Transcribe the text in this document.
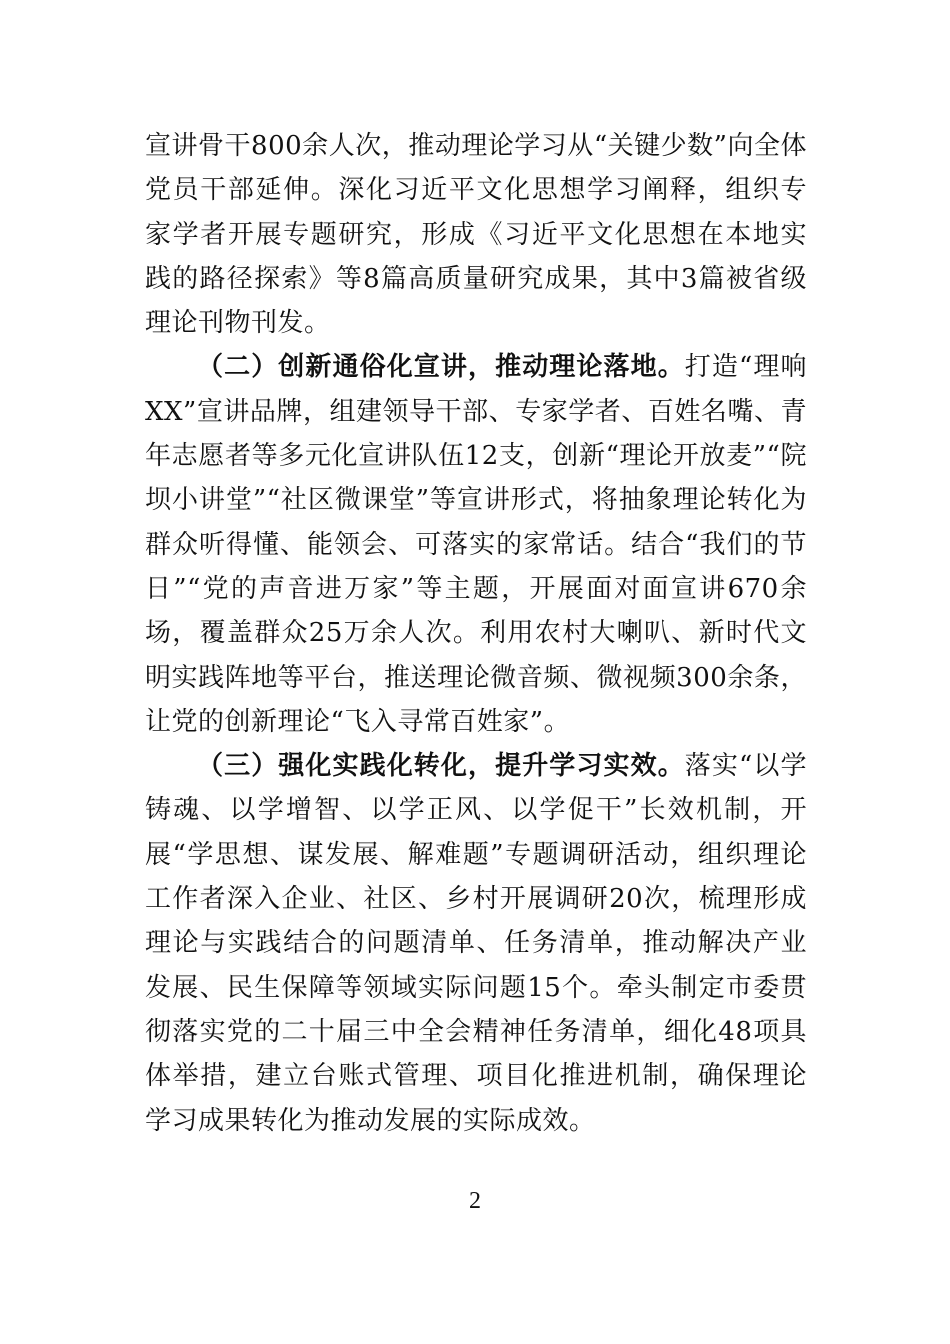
宣讲骨干800余人次，推动理论学习从“关键少数”向全体党员干部延伸。深化习近平文化思想学习阐释，组织专家学者开展专题研究，形成《习近平文化思想在本地实践的路径探索》等8篇高质量研究成果，其中3篇被省级理论刊物刊发。

（二）创新通俗化宣讲，推动理论落地。打造“理响XX”宣讲品牌，组建领导干部、专家学者、百姓名嘴、青年志愿者等多元化宣讲队伍12支，创新“理论开放麦”“院坝小讲堂”“社区微课堂”等宣讲形式，将抽象理论转化为群众听得懂、能领会、可落实的家常话。结合“我们的节日”“党的声音进万家”等主题，开展面对面宣讲670余场，覆盖群众25万余人次。利用农村大喇叭、新时代文明实践阵地等平台，推送理论微音频、微视频300余条，让党的创新理论“飞入寻常百姓家”。

（三）强化实践化转化，提升学习实效。落实“以学铸魂、以学增智、以学正风、以学促干”长效机制，开展“学思想、谋发展、解难题”专题调研活动，组织理论工作者深入企业、社区、乡村开展调研20次，梳理形成理论与实践结合的问题清单、任务清单，推动解决产业发展、民生保障等领域实际问题15个。牵头制定市委贯彻落实党的二十届三中全会精神任务清单，细化48项具体举措，建立台账式管理、项目化推进机制，确保理论学习成果转化为推动发展的实际成效。

2
